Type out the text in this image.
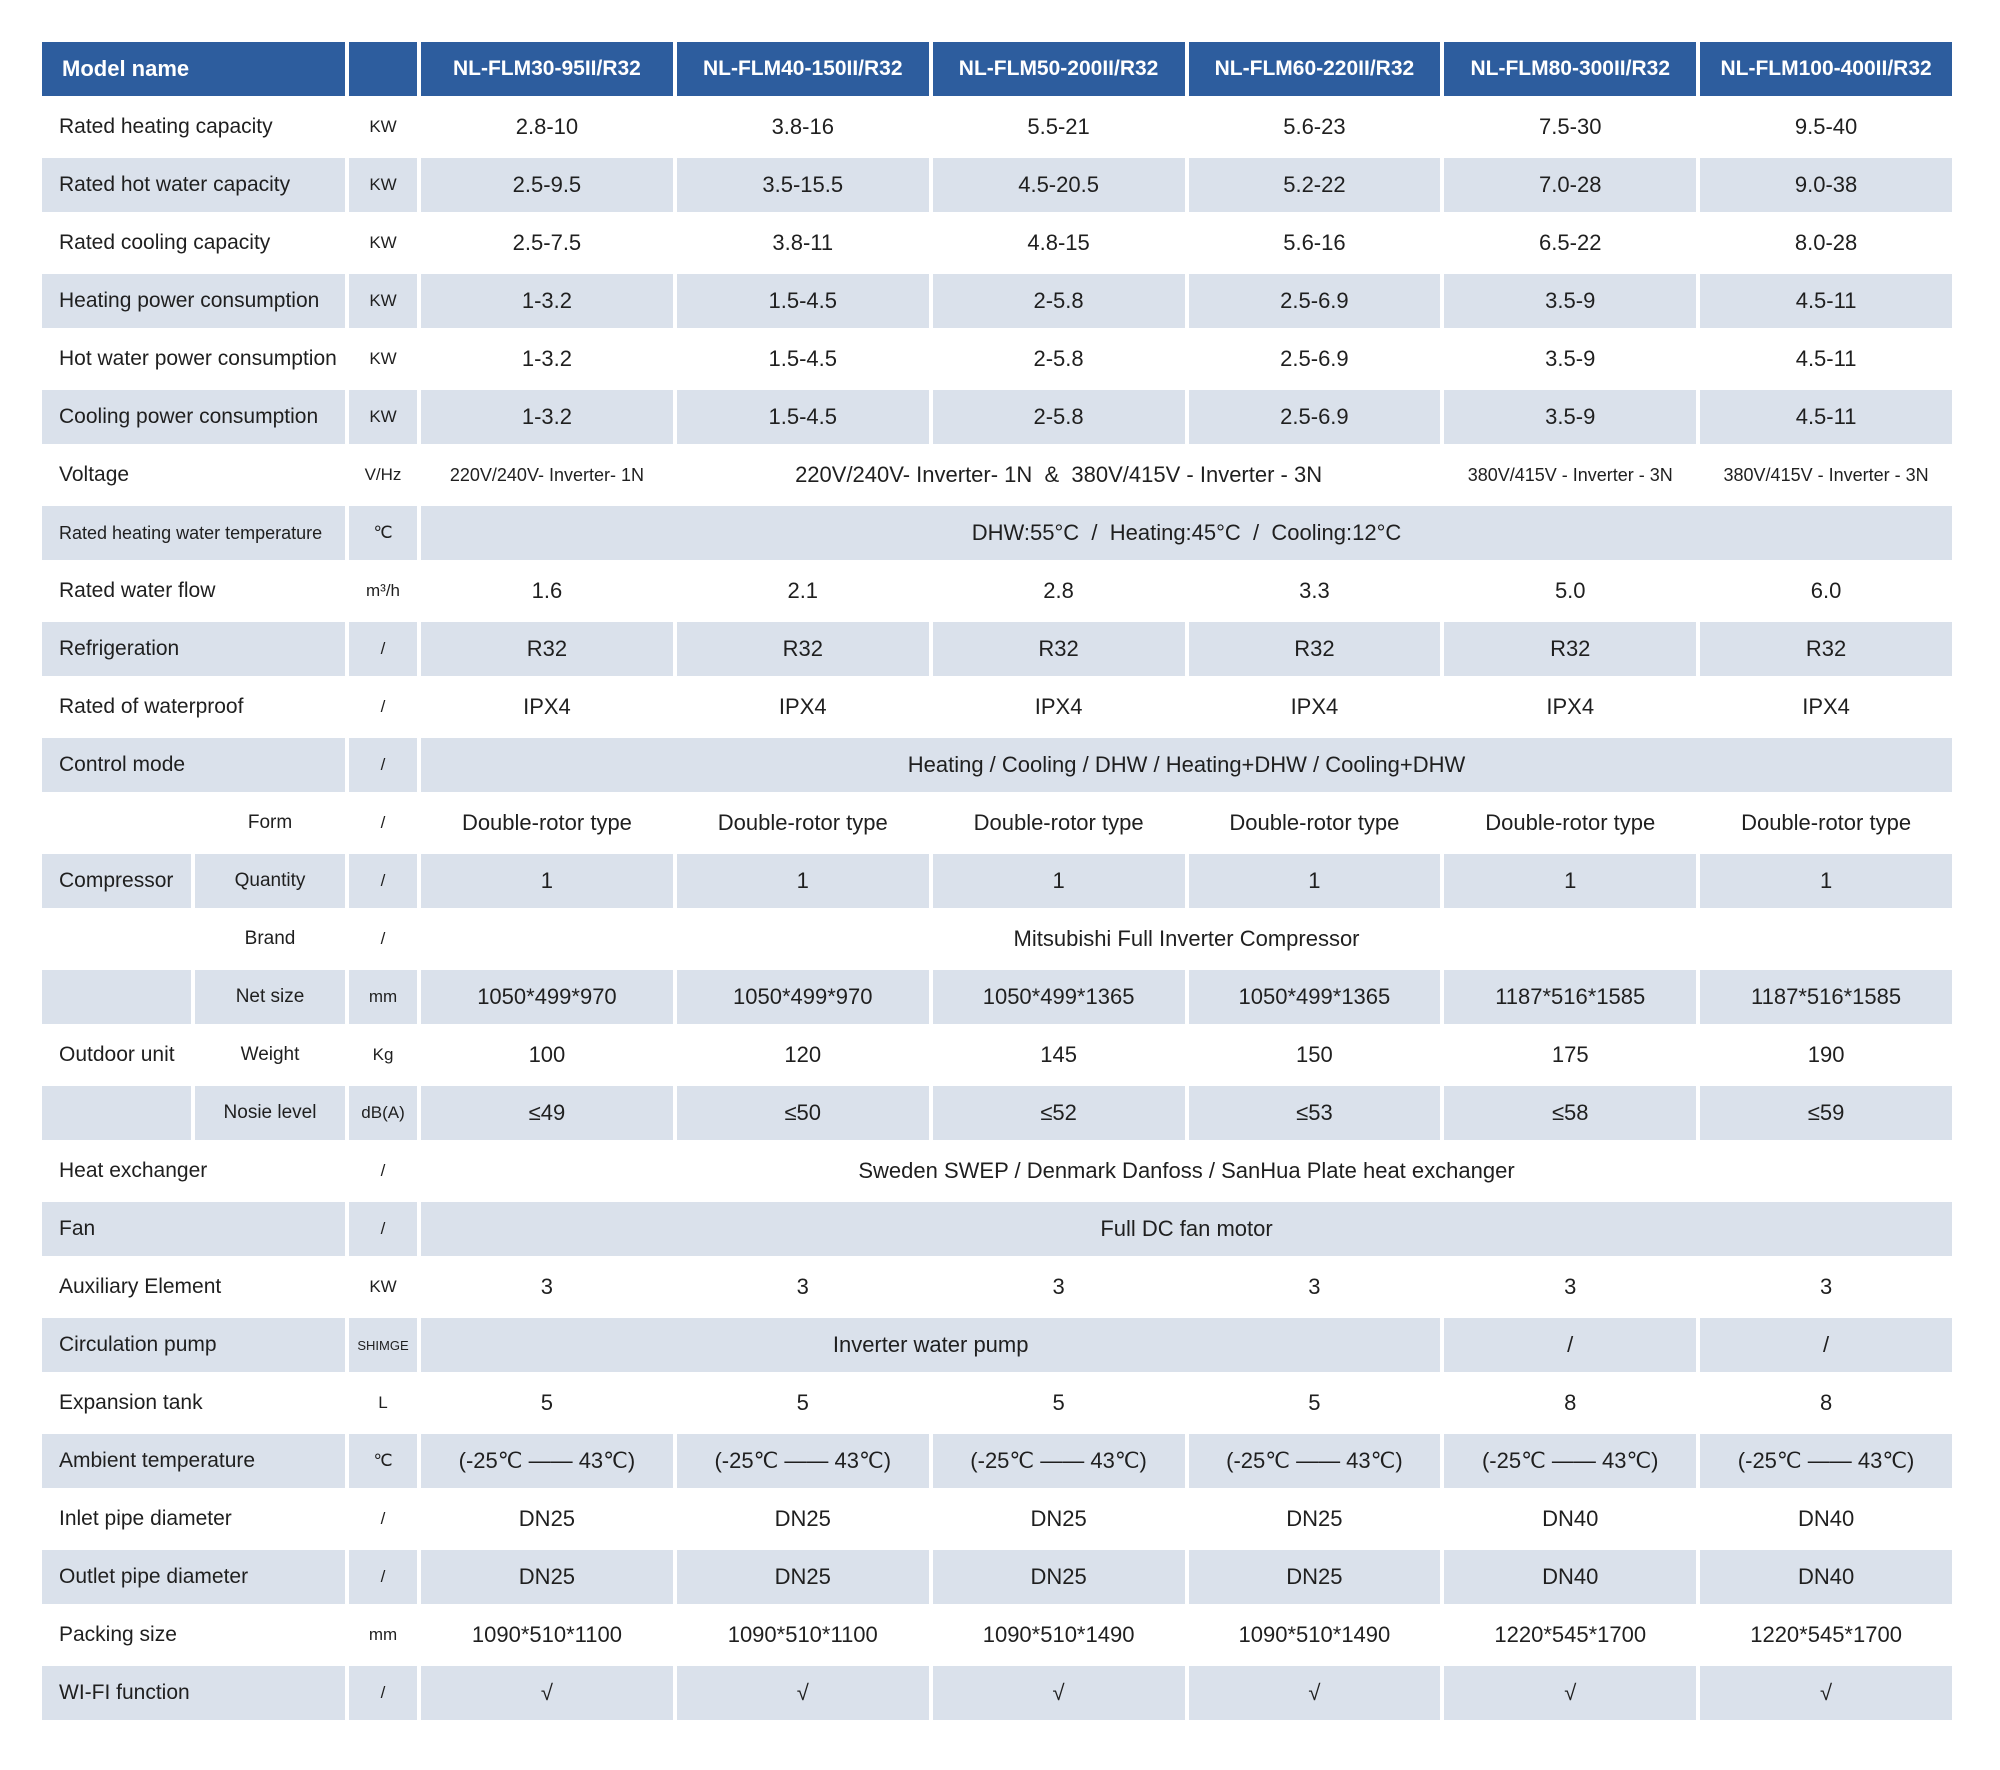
Model name			NL-FLM30-95II/R32	NL-FLM40-150II/R32	NL-FLM50-200II/R32	NL-FLM60-220II/R32	NL-FLM80-300II/R32	NL-FLM100-400II/R32
Rated heating capacity		KW	2.8-10	3.8-16	5.5-21	5.6-23	7.5-30	9.5-40
Rated hot water capacity		KW	2.5-9.5	3.5-15.5	4.5-20.5	5.2-22	7.0-28	9.0-38
Rated cooling capacity		KW	2.5-7.5	3.8-11	4.8-15	5.6-16	6.5-22	8.0-28
Heating power consumption		KW	1-3.2	1.5-4.5	2-5.8	2.5-6.9	3.5-9	4.5-11
Hot water power consumption		KW	1-3.2	1.5-4.5	2-5.8	2.5-6.9	3.5-9	4.5-11
Cooling power consumption		KW	1-3.2	1.5-4.5	2-5.8	2.5-6.9	3.5-9	4.5-11
Voltage		V/Hz	220V/240V- Inverter- 1N	220V/240V- Inverter- 1N  &  380V/415V - Inverter - 3N			380V/415V - Inverter - 3N	380V/415V - Inverter - 3N
Rated heating water temperature		℃	DHW:55°C  /  Heating:45°C  /  Cooling:12°C					
Rated water flow		m³/h	1.6	2.1	2.8	3.3	5.0	6.0
Refrigeration		/	R32	R32	R32	R32	R32	R32
Rated of waterproof		/	IPX4	IPX4	IPX4	IPX4	IPX4	IPX4
Control mode		/	Heating / Cooling / DHW / Heating+DHW / Cooling+DHW					
	Form	/	Double-rotor type	Double-rotor type	Double-rotor type	Double-rotor type	Double-rotor type	Double-rotor type
Compressor	Quantity	/	1	1	1	1	1	1
	Brand	/	Mitsubishi Full Inverter Compressor					
	Net size	mm	1050*499*970	1050*499*970	1050*499*1365	1050*499*1365	1187*516*1585	1187*516*1585
Outdoor unit	Weight	Kg	100	120	145	150	175	190
	Nosie level	dB(A)	≤49	≤50	≤52	≤53	≤58	≤59
Heat exchanger		/	Sweden SWEP / Denmark Danfoss / SanHua Plate heat exchanger					
Fan		/	Full DC fan motor					
Auxiliary Element		KW	3	3	3	3	3	3
Circulation pump		SHIMGE	Inverter water pump				/	/
Expansion tank		L	5	5	5	5	8	8
Ambient temperature		℃	(-25℃ —— 43℃)	(-25℃ —— 43℃)	(-25℃ —— 43℃)	(-25℃ —— 43℃)	(-25℃ —— 43℃)	(-25℃ —— 43℃)
Inlet pipe diameter		/	DN25	DN25	DN25	DN25	DN40	DN40
Outlet pipe diameter		/	DN25	DN25	DN25	DN25	DN40	DN40
Packing size		mm	1090*510*1100	1090*510*1100	1090*510*1490	1090*510*1490	1220*545*1700	1220*545*1700
WI-FI function		/	√	√	√	√	√	√
